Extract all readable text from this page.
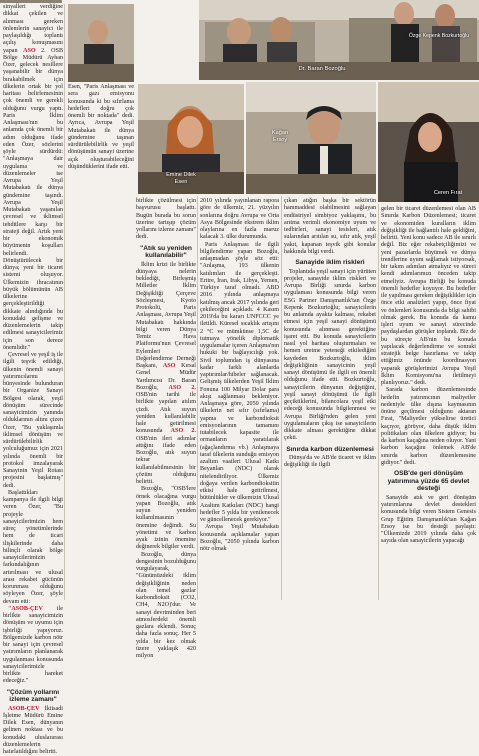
Özge Kepenk Bozkurtoğlu
Dr. Baran Bozoğlu
Emine Dilek
Esen
Kağan
Ersoy
Ceren Fırat

sinyalleri verdiğine dikkat çekilen ve alınması gereken önlemlerin sanayici ile paylaşıldığı toplantı açılış konuşmasını yapan ASO 2. OSB Bölge Müdürü Ayhan Özer, gelecek nesillere yaşanabilir bir dünya bırakabilmek için ülkelerin ortak bir yol haritası belirlemesinin çok önemli ve gerekli olduğunu vurgu yaptı. Paris İklim Anlaşması'nın bu anlamda çok önemli bir adım olduğunu ifade eden Özer, sözlerini şöyle sürdürdü: "Anlaşmaya dair uygulama ve düzenlemeler ise Avrupa Yeşil Mutabakatı ile dünya gündemine taşındı. Avrupa Yeşil Mutabakatı yaşanılan çevresel ve iklimsel tehditlere karşı bir strateji değil. Artık yeni bir ekonomik büyümenin koşulları belirlendi. Dönüştürülecek bir dünya; yeni bir ticaret sistemi oluşuyor. Ülkemizin ihracatının büyük bölümünün AB ülkelerine gerçekleştirildiği dikkate alındığında bu konudaki gelişme ve düzenlemelerin takip edilmesi sanayicilerimiz için son derece önemlidir."

Çevresel ve yeşil iş ile ilgili teşvik edildiği, ülkenin önemli sanayi yatırımcılarını bünyesinde bulunduran bir Organize Sanayi Bölgesi olarak, yeşil dönüşüm sürecinde sanayicimizin yanında olduklarının altını çizen Özer, "Bu yaklaşımla iklimsel dönüşüm ve sürdürülebilirlik yolculuğumuz için 2021 yılında önemli bir protokol imzalayarak Sanayinin Yeşil Rotası projesini başlatmış" dedi.

Başlattıkları kampanya ile ilgili bilgi veren Özer, "Bu projeyle sanayicilerimizin hem süreç yönetimlerinde hem de ticari ilişkilerinde daha bilinçli olarak bölge sanayicilerimizin farkındalığının artırılması ve ulusal arası rekabet gücünün korunması olduğunu söyleyen Özer, şöyle devam etti:

"ASOB-ÇEV ile birlikte sanayicimizin dönüşüm ve uyumu için işbirliği yapıyoruz. Bölgemizde karbon nötr bir sanayi için çevresel yatırımların planlanarak uygulanması konusunda sanayicilerimizle birlikte hareket edeceğiz."

"Çözüm yollarını izleme zamanı"

ASOB-ÇEV İktisadi İşletme Müdürü Emine Dilek Esen, dünyanın gelinen noktası ve bu konudaki uluslararası düzenlemelerin hatırlatıldığını belirtti.

Esen, "Paris Anlaşması ve sera gazı emisyonu konusunda ki bu sıfırlama hedefleri doğru çok önemli bir noktada" dedi. Ayrıca, Avrupa Yeşil Mutabakatı ile dünya gündemine taşınan sürdürülebilirlik ve yeşil dönüşümün sanayi üzerine açık oluşturabileceğini düşündüklerini ifade etti.

birlikte çözülmesi için başvurusu başlattı. Bugün burada bu sorun üzerine tartışıp çözüm yollarını izleme zamanı" dedi.

"Atık su yeniden kullanılabilir"

İklim krizi ile birlikte dünyaya nelerin beklediği, Birleşmiş Milletler İklim Değişikliği Çerçeve Sözleşmesi, Kyoto Protokolü, Paris Anlaşması, Avrupa Yeşil Mutabakatı hakkında bilgi veren Dünya Temiz Hava Platformu'nun Çevresel Eylemleri Değerlendirme Derneği Başkanı, ASO Kırsal Genel Müdür Yardımcısı Dr. Baran Bozoğlu, ASO 2. OSB'nin tarihi ile birlikte yapılan atılım çizdi. Atık suyun yeniden kullanılabilir hale getirilmesi konusunda ASO 2. OSB'nin ileri adımlar attığını ifade eden Bozoğlu, atık suyun tekrar kullanılabilmesinin bir çözüm olduğunu belirtti.

Bozoğlu, "OSB'lere örnek olacağına vurgu yapan Bozoğlu, atık suyun yeniden kullanılmasının önemine değindi. Su yönetimi ve karbon ayak izinin önemine değinerek bilgiler verdi.

Bozoğlu, dünya dengesinin bozulduğunu vurgulayarak, "Günümüzdeki iklim değişikliğinin neden olan temel gazlar karbondioksit (CO2, CH4, N2O)'dur. Ve sanayi devriminden beri atmosferdeki önemli gazlara eklendi. Sonuç daha fazla sonuç. Her 5 yılda bir kez olmak üzere yaklaşık 420 milyon

2010 yılında yayınlanan rapora göre de ülkemiz, 21. yüzyılın sonlarına doğru Avrupa ve Orta Asya Bölgesinde ekstrem iklim olaylarına en fazla maruz kalacak 3. ülke durumunda.

Paris Anlaşması ile ilgili bilgilendirme yapan Bozoğlu, anlaşmadan şöyle söz etti: "Anlaşma, 193 ülkenin katılımları ile gerçekleşti. Eritre, İran, Irak, Libya, Yemen, Türkiye taraf olmadı. ABD 2016 yılında anlaşmaya katılmış ancak 2017 yılında geri çekileceğini açıkladı. 4 Kasım 2019'da bu kararı UNFCCC ye iletildi. Küresel sıcaklık artışını 2 °C ve mümkünse 1,5C de tutmaya yönelik diplomatik uygulamalar içeren Anlaşma'nın hukuki bir bağlayıcılığı yok. Sivil toplumdan iş dünyasına kadar farklı alanlarda yaptırımlar/hibeler sağlanacak. Gelişmiş ülkelerden Yeşil İklim Fonuna 100 Milyar Dolar para akışı sağlanması bekleniyor. Anlaşmaya göre, 2050 yılında ülkelerin net sıfır (sıfırlama) yapma ve karbondioksit emisyonlarının tamamını tutabilecek kapasite ile ormanların yaratılarak (ağaçlandırma vb.) Anlaşmaya taraf ülkelerin sunduğu emisyon azaltım vaatleri Ulusal Katkı Beyanları (NDC) olarak nitelendiriliyor. Ülkemiz doğaya verilen karbondioksitin etkisi hale getirilmesi, bütünlükler ve ülkemizin Ulusal Azaltım Katkıları (NDC) hangi hedefler 5 yılda bir yenilenecek ve güncellenecek gerekiyor."

Avrupa Yeşil Mutabakatı konusunda açıklamalar yapan Bozoğlu, "2050 yılında karbon nötr olmak

çıkan atığın başka bir sektörün hammaddesi olabilmesini sağlayan endüstriyel simbiyoz yaklaşımı, bu arıtma verimli ekonomiye uyum ve tedbirleri, sanayi tesisleri, atık sularından arıtılan su, sıfır atık, yeşil yakıt, kapanan teşvik gibi konular hakkında bilgi verdi.

Sanayide iklim riskleri

Toplantıda yeşil sanayi için yürüten projeler, sanayide iklim riskleri ve Avrupa Birliği sınırda karbon uygulaması konusunda bilgi veren ESG Partner Danışmanlık'tan Özge Kepenk Bozkurtoğlu; sanayicilerin bu anlamda ayakta kalması, rekabet etmesi için yeşil sanayi dönüşümü konusunda alınması gerektiğine işaret etti. Bu konuda sanayicilerin nasıl yol haritası oluşturmaları ve hemen uretme yeteneği etkilediğini kaydeden Bozkurtoğlu, iklim değişikliğinin sanayicinin yeşil sanayi dönüşümü ile ilgili en önemli olduğunu ifade etti. Bozkurtoğlu, sanayicilerin dünyanın değiştiğini, yeşil sanayi dönüşümü ile ilgili geçiktiklerini, bilancolara yeşil etki edeceği konusunda bilgilenmesi ve Avrupa Birliği'nden gelen yeni uygulamaların çıkış ise sanayicilerin dikkate alması gerektiğine dikkat çekti.

Sınırda karbon düzenlemesi

Dünya'da ve AB'de ticaret ve iklim değişikliği ile ilgili

gelen bir ticaret düzenlemesi olan AB Sınırda Karbon Düzenlemesi; ticaret ve ekonomiden kuralların iklim değişikliği ile bağlantılı hale geldiğini, belirtti. Yeni konu sadece AB ile sınırlı değil. Biz eğer rekabetçiliğimizi ve yeni pazarlarda büyümek ve dünya trendlerine uyum sağlamak istiyorsak, bir takım adımları atmalıyız ve süreci kendi adımlarımızı önceden takip etmeliyiz. Avrupa Birliği bu konuda önemli hedefler koyuyor. Bu hedefler ile yapılması gereken değişiklikler için önce etki analizleri yapıp, önce fiyat ve önlemleri konusunda da bilgi sahibi olmak gerek. Bu konuda da kamu işleri uyum ve sanayi sürecinde paydaşlardan görüşler toplandı. Biz de bu süreçte AB'nin bu konuda yapılacak değerlendirme ve sonraki stratejik belge hazırlama ve takip ettiğimiz önünde koordinasyon yaparak görüşlerimizi Avrupa Yeşil İklim Komisyonu'na iletilmeyi planlıyoruz." dedi.

Sarada karbon düzenlemesinde hedefin yatırımcının maliyetler nedeniyle ülke dışına kaymasının önüne geçilmesi olduğunu aktaran Fırat, "Maliyetler yükselirse üretici kaçıyor, görüyor, daha düşük iklim politikaları olan ülkelere gidiyor; bu da karbon kaçağına neden oluyor. Yani karbon kaçağını önlemek AB'de sınırda karbon düzenlemesine gidiyor." dedi.

OSB'de geri dönüşüm yatırımına yüzde 65 devlet desteği

Sanayide atık ve geri dönüşüm yatırımlarına devlet destekleri konusunda bilgi veren Sistem Genesis Grup Eğitim Danışmanlık'tan Kağan Ersoy ise bu desteği paylaştı: "Ülkemizde 2019 yılında daha çok sayıda olan sanayicilerin yapacağı
